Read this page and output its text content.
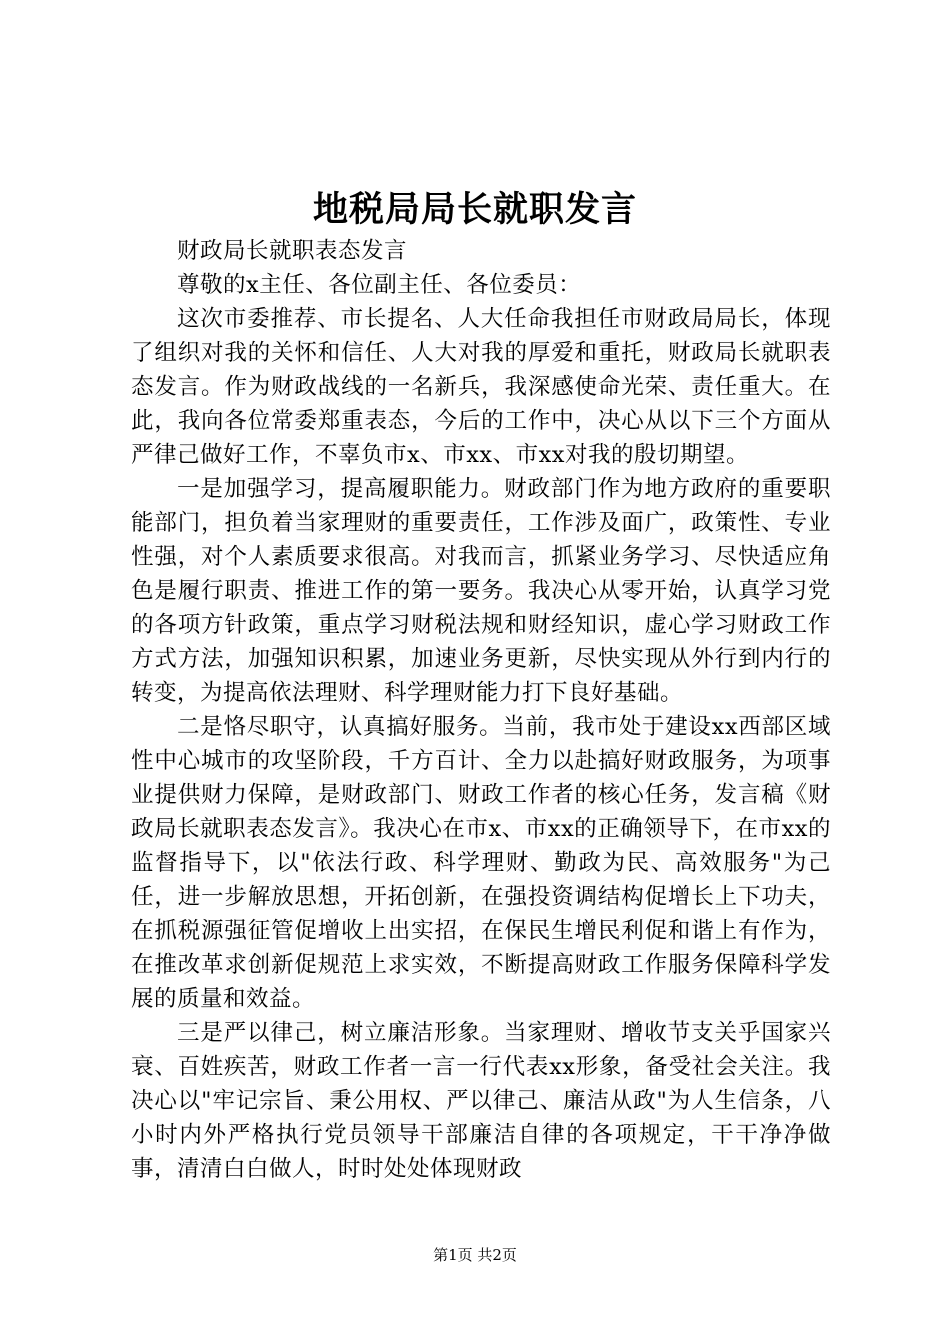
地税局局长就职发言

财政局长就职表态发言

尊敬的x主任、各位副主任、各位委员：

这次市委推荐、市长提名、人大任命我担任市财政局局长，体现了组织对我的关怀和信任、人大对我的厚爱和重托，财政局长就职表态发言。作为财政战线的一名新兵，我深感使命光荣、责任重大。在此，我向各位常委郑重表态，今后的工作中，决心从以下三个方面从严律己做好工作，不辜负市x、市xx、市xx对我的殷切期望。

一是加强学习，提高履职能力。财政部门作为地方政府的重要职能部门，担负着当家理财的重要责任，工作涉及面广，政策性、专业性强，对个人素质要求很高。对我而言，抓紧业务学习、尽快适应角色是履行职责、推进工作的第一要务。我决心从零开始，认真学习党的各项方针政策，重点学习财税法规和财经知识，虚心学习财政工作方式方法，加强知识积累，加速业务更新，尽快实现从外行到内行的转变，为提高依法理财、科学理财能力打下良好基础。

二是恪尽职守，认真搞好服务。当前，我市处于建设xx西部区域性中心城市的攻坚阶段，千方百计、全力以赴搞好财政服务，为项事业提供财力保障，是财政部门、财政工作者的核心任务，发言稿《财政局长就职表态发言》。我决心在市x、市xx的正确领导下，在市xx的监督指导下，以"依法行政、科学理财、勤政为民、高效服务"为己任，进一步解放思想，开拓创新，在强投资调结构促增长上下功夫，在抓税源强征管促增收上出实招，在保民生增民利促和谐上有作为，在推改革求创新促规范上求实效，不断提高财政工作服务保障科学发展的质量和效益。

三是严以律己，树立廉洁形象。当家理财、增收节支关乎国家兴衰、百姓疾苦，财政工作者一言一行代表xx形象，备受社会关注。我决心以"牢记宗旨、秉公用权、严以律己、廉洁从政"为人生信条，八小时内外严格执行党员领导干部廉洁自律的各项规定，干干净净做事，清清白白做人，时时处处体现财政

第1页 共2页
